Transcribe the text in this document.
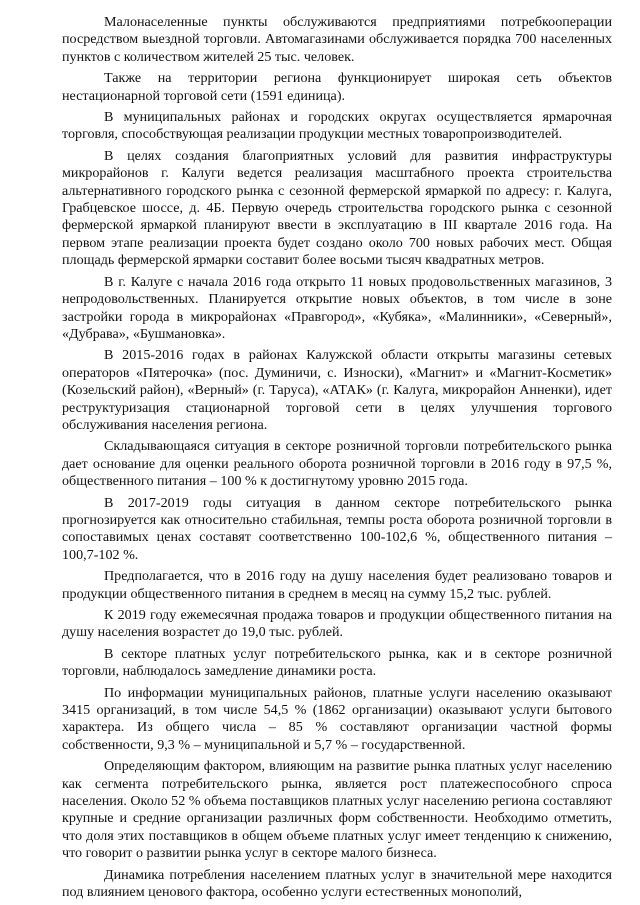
Малонаселенные пункты обслуживаются предприятиями потребкооперации посредством выездной торговли. Автомагазинами обслуживается порядка 700 населенных пунктов с количеством жителей 25 тыс. человек.

Также на территории региона функционирует широкая сеть объектов нестационарной торговой сети (1591 единица).

В муниципальных районах и городских округах осуществляется ярмарочная торговля, способствующая реализации продукции местных товаропроизводителей.

В целях создания благоприятных условий для развития инфраструктуры микрорайонов г. Калуги ведется реализация масштабного проекта строительства альтернативного городского рынка с сезонной фермерской ярмаркой по адресу: г. Калуга, Грабцевское шоссе, д. 4Б. Первую очередь строительства городского рынка с сезонной фермерской ярмаркой планируют ввести в эксплуатацию в III квартале 2016 года. На первом этапе реализации проекта будет создано около 700 новых рабочих мест. Общая площадь фермерской ярмарки составит более восьми тысяч квадратных метров.

В г. Калуге с начала 2016 года открыто 11 новых продовольственных магазинов, 3 непродовольственных. Планируется открытие новых объектов, в том числе в зоне застройки города в микрорайонах «Правгород», «Кубяка», «Малинники», «Северный», «Дубрава», «Бушмановка».

В 2015-2016 годах в районах Калужской области открыты магазины сетевых операторов «Пятерочка» (пос. Думиничи, с. Износки), «Магнит» и «Магнит-Косметик» (Козельский район), «Верный» (г. Таруса), «АТАК» (г. Калуга, микрорайон Анненки), идет реструктуризация стационарной торговой сети в целях улучшения торгового обслуживания населения региона.

Складывающаяся ситуация в секторе розничной торговли потребительского рынка дает основание для оценки реального оборота розничной торговли в 2016 году в 97,5 %, общественного питания – 100 % к достигнутому уровню 2015 года.

В 2017-2019 годы ситуация в данном секторе потребительского рынка прогнозируется как относительно стабильная, темпы роста оборота розничной торговли в сопоставимых ценах составят соответственно 100-102,6 %, общественного питания – 100,7-102 %.

Предполагается, что в 2016 году на душу населения будет реализовано товаров и продукции общественного питания в среднем в месяц на сумму 15,2 тыс. рублей.

К 2019 году ежемесячная продажа товаров и продукции общественного питания на душу населения возрастет до 19,0 тыс. рублей.

В секторе платных услуг потребительского рынка, как и в секторе розничной торговли, наблюдалось замедление динамики роста.

По информации муниципальных районов, платные услуги населению оказывают 3415 организаций, в том числе 54,5 % (1862 организации) оказывают услуги бытового характера. Из общего числа – 85 % составляют организации частной формы собственности, 9,3 % – муниципальной и 5,7 % – государственной.

Определяющим фактором, влияющим на развитие рынка платных услуг населению как сегмента потребительского рынка, является рост платежеспособного спроса населения. Около 52 % объема поставщиков платных услуг населению региона составляют крупные и средние организации различных форм собственности. Необходимо отметить, что доля этих поставщиков в общем объеме платных услуг имеет тенденцию к снижению, что говорит о развитии рынка услуг в секторе малого бизнеса.

Динамика потребления населением платных услуг в значительной мере находится под влиянием ценового фактора, особенно услуги естественных монополий,
